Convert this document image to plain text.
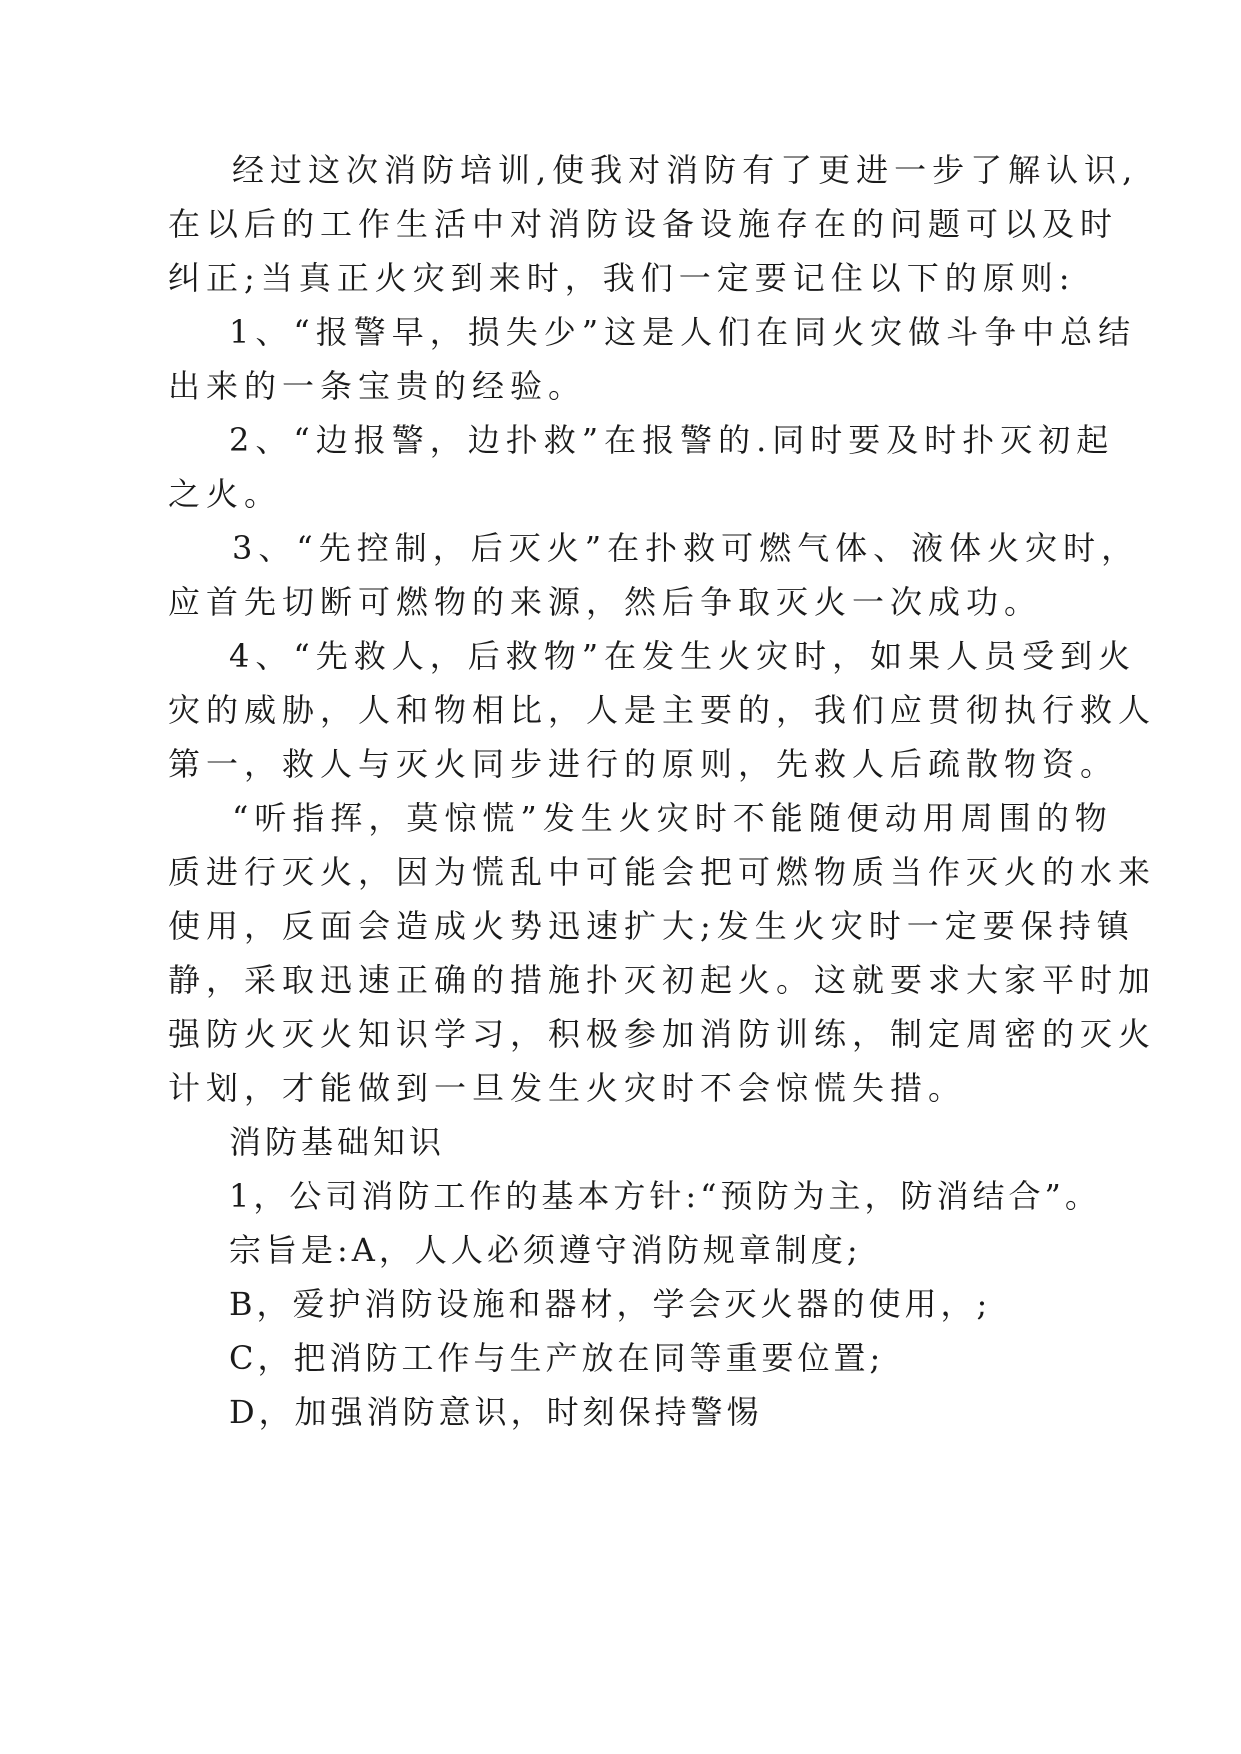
经过这次消防培训,使我对消防有了更进一步了解认识,

在以后的工作生活中对消防设备设施存在的问题可以及时

纠正;当真正火灾到来时，我们一定要记住以下的原则:

1、“报警早，损失少”这是人们在同火灾做斗争中总结

出来的一条宝贵的经验。

2、“边报警，边扑救”在报警的.同时要及时扑灭初起

之火。

3、“先控制，后灭火”在扑救可燃气体、液体火灾时，

应首先切断可燃物的来源，然后争取灭火一次成功。

4、“先救人，后救物”在发生火灾时，如果人员受到火

灾的威胁，人和物相比，人是主要的，我们应贯彻执行救人

第一，救人与灭火同步进行的原则，先救人后疏散物资。

“听指挥，莫惊慌”发生火灾时不能随便动用周围的物

质进行灭火，因为慌乱中可能会把可燃物质当作灭火的水来

使用，反面会造成火势迅速扩大;发生火灾时一定要保持镇

静，采取迅速正确的措施扑灭初起火。这就要求大家平时加

强防火灭火知识学习，积极参加消防训练，制定周密的灭火

计划，才能做到一旦发生火灾时不会惊慌失措。

消防基础知识

1，公司消防工作的基本方针:“预防为主，防消结合”。

宗旨是:A，人人必须遵守消防规章制度;

B，爱护消防设施和器材，学会灭火器的使用，;

C，把消防工作与生产放在同等重要位置;

D，加强消防意识，时刻保持警惕
